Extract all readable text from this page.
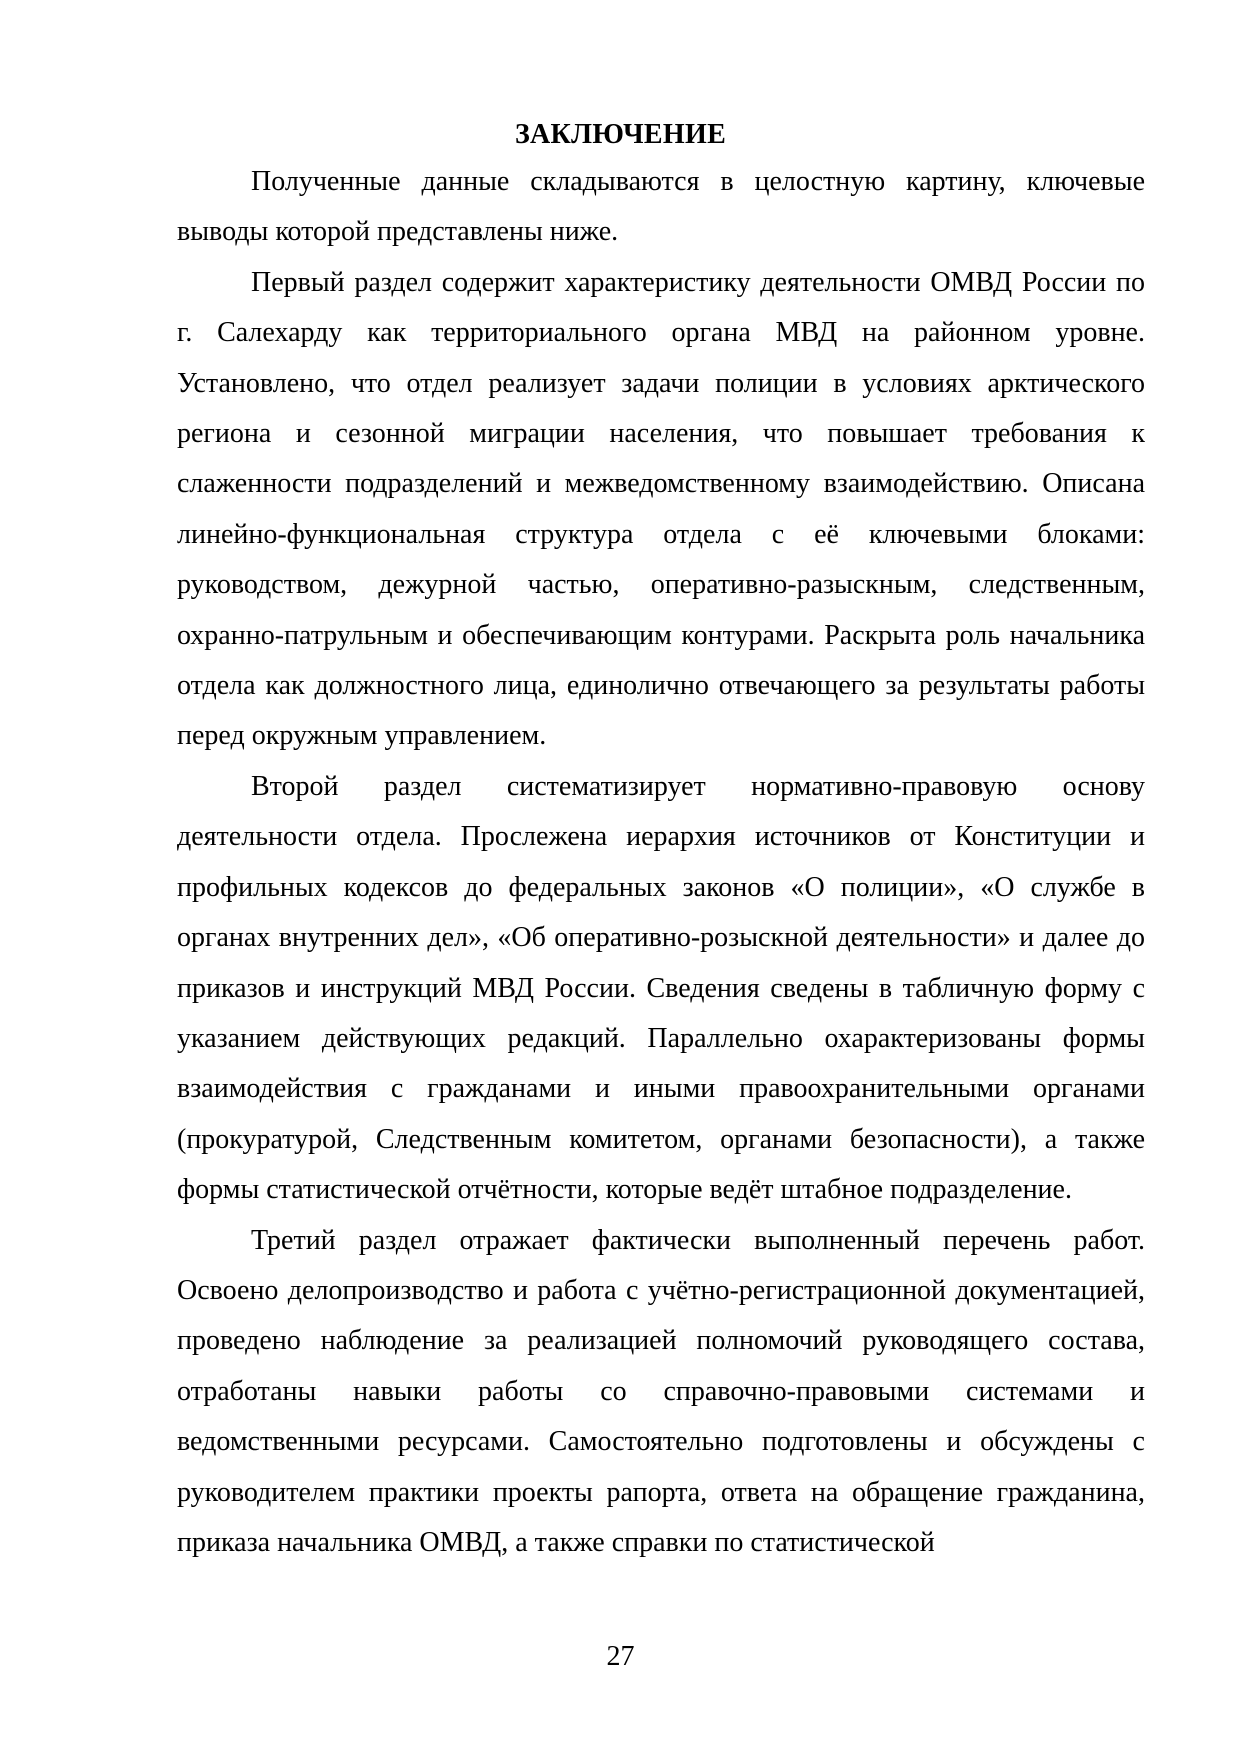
ЗАКЛЮЧЕНИЕ

Полученные данные складываются в целостную картину, ключевые выводы которой представлены ниже.

Первый раздел содержит характеристику деятельности ОМВД России по г. Салехарду как территориального органа МВД на районном уровне. Установлено, что отдел реализует задачи полиции в условиях арктического региона и сезонной миграции населения, что повышает требования к слаженности подразделений и межведомственному взаимодействию. Описана линейно-функциональная структура отдела с её ключевыми блоками: руководством, дежурной частью, оперативно-разыскным, следственным, охранно-патрульным и обеспечивающим контурами. Раскрыта роль начальника отдела как должностного лица, единолично отвечающего за результаты работы перед окружным управлением.

Второй раздел систематизирует нормативно-правовую основу деятельности отдела. Прослежена иерархия источников от Конституции и профильных кодексов до федеральных законов «О полиции», «О службе в органах внутренних дел», «Об оперативно-розыскной деятельности» и далее до приказов и инструкций МВД России. Сведения сведены в табличную форму с указанием действующих редакций. Параллельно охарактеризованы формы взаимодействия с гражданами и иными правоохранительными органами (прокуратурой, Следственным комитетом, органами безопасности), а также формы статистической отчётности, которые ведёт штабное подразделение.

Третий раздел отражает фактически выполненный перечень работ. Освоено делопроизводство и работа с учётно-регистрационной документацией, проведено наблюдение за реализацией полномочий руководящего состава, отработаны навыки работы со справочно-правовыми системами и ведомственными ресурсами. Самостоятельно подготовлены и обсуждены с руководителем практики проекты рапорта, ответа на обращение гражданина, приказа начальника ОМВД, а также справки по статистической

27
